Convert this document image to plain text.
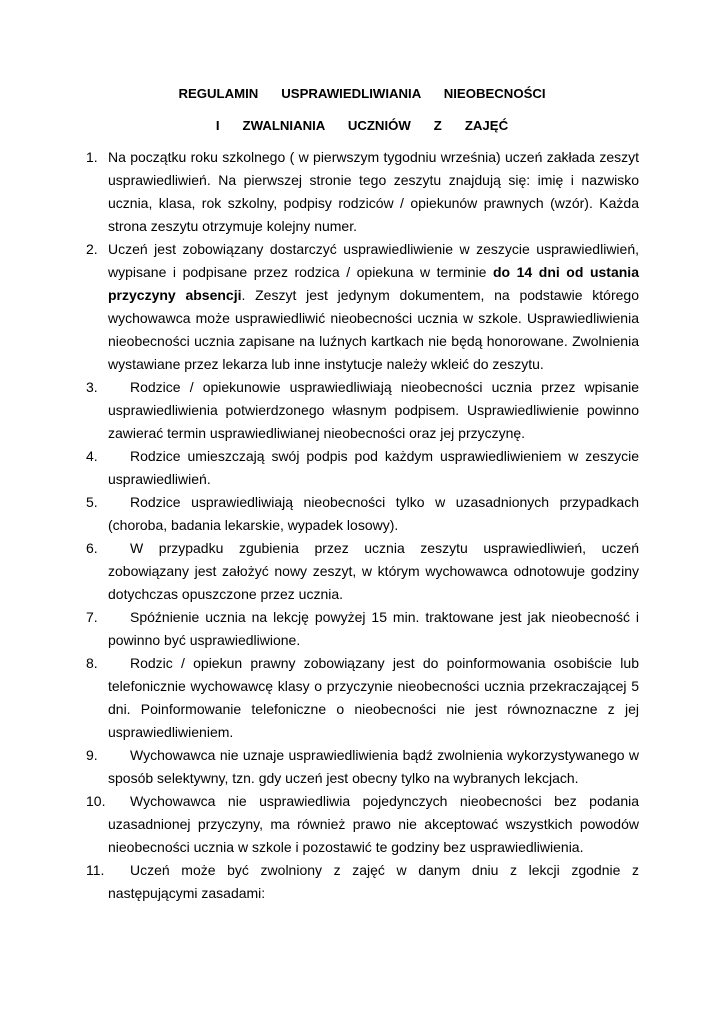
REGULAMIN   USPRAWIEDLIWIANIA   NIEOBECNOŚCI
I   ZWALNIANIA   UCZNIÓW   Z   ZAJĘĆ
1. Na początku roku szkolnego ( w pierwszym tygodniu września) uczeń zakłada zeszyt usprawiedliwień. Na pierwszej stronie tego zeszytu znajdują się: imię i nazwisko ucznia, klasa, rok szkolny, podpisy rodziców / opiekunów prawnych (wzór). Każda strona zeszytu otrzymuje kolejny numer.
2. Uczeń jest zobowiązany dostarczyć usprawiedliwienie w zeszycie usprawiedliwień, wypisane i podpisane przez rodzica / opiekuna w terminie do 14 dni od ustania przyczyny absencji. Zeszyt jest jedynym dokumentem, na podstawie którego wychowawca może usprawiedliwić nieobecności ucznia w szkole. Usprawiedliwienia nieobecności ucznia zapisane na luźnych kartkach nie będą honorowane. Zwolnienia wystawiane przez lekarza lub inne instytucje należy wkleić do zeszytu.
3.	Rodzice / opiekunowie usprawiedliwiają nieobecności ucznia przez wpisanie usprawiedliwienia potwierdzonego własnym podpisem. Usprawiedliwienie powinno zawierać termin usprawiedliwianej nieobecności oraz jej przyczynę.
4.	Rodzice umieszczają swój podpis pod każdym usprawiedliwieniem w zeszycie usprawiedliwień.
5.	Rodzice usprawiedliwiają nieobecności tylko w uzasadnionych przypadkach (choroba, badania lekarskie, wypadek losowy).
6.	W przypadku zgubienia przez ucznia zeszytu usprawiedliwień, uczeń zobowiązany jest założyć nowy zeszyt, w którym wychowawca odnotowuje godziny dotychczas opuszczone przez ucznia.
7.	Spóźnienie ucznia na lekcję powyżej 15 min. traktowane jest jak nieobecność i powinno być usprawiedliwione.
8.	Rodzic / opiekun prawny zobowiązany jest do poinformowania osobiście lub telefonicznie wychowawcę klasy o przyczynie nieobecności ucznia przekraczającej 5 dni. Poinformowanie telefoniczne o nieobecności nie jest równoznaczne z jej usprawiedliwieniem.
9.	Wychowawca nie uznaje usprawiedliwienia bądź zwolnienia wykorzystywanego w sposób selektywny, tzn. gdy uczeń jest obecny tylko na wybranych lekcjach.
10.	Wychowawca nie usprawiedliwia pojedynczych nieobecności bez podania uzasadnionej przyczyny, ma również prawo nie akceptować wszystkich powodów nieobecności ucznia w szkole i pozostawić te godziny bez usprawiedliwienia.
11.	Uczeń może być zwolniony z zajęć w danym dniu z lekcji zgodnie z następującymi zasadami:
